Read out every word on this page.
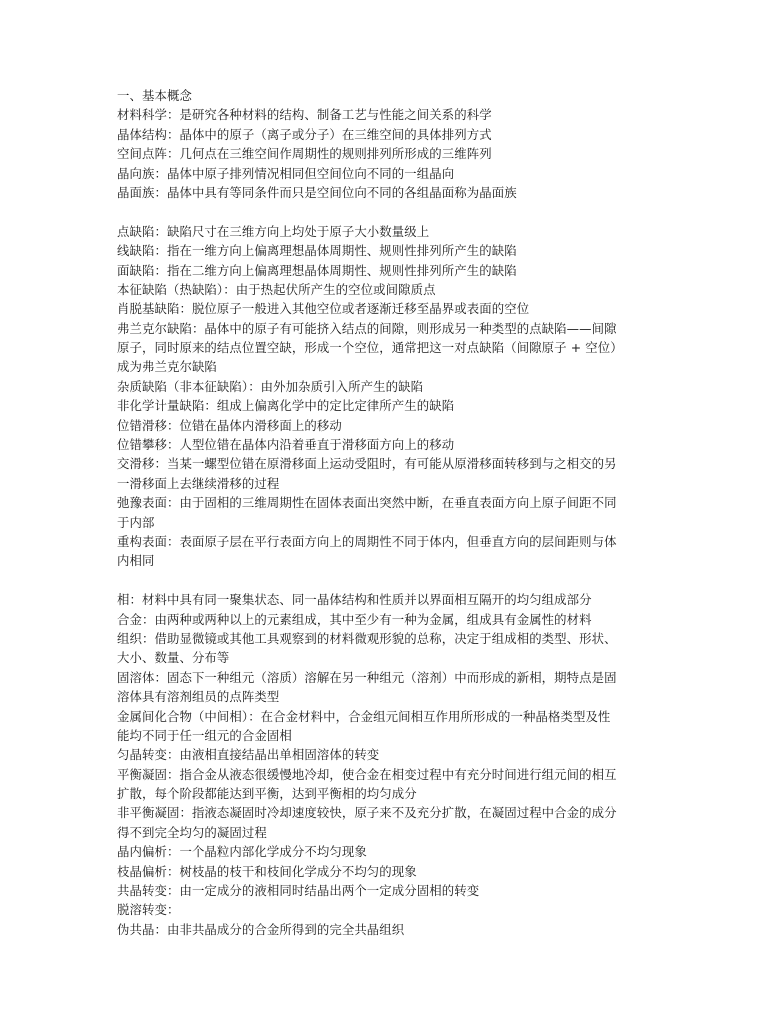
一、基本概念
材料科学：是研究各种材料的结构、制备工艺与性能之间关系的科学
晶体结构：晶体中的原子（离子或分子）在三维空间的具体排列方式
空间点阵：几何点在三维空间作周期性的规则排列所形成的三维阵列
晶向族：晶体中原子排列情况相同但空间位向不同的一组晶向
晶面族：晶体中具有等同条件而只是空间位向不同的各组晶面称为晶面族
点缺陷：缺陷尺寸在三维方向上均处于原子大小数量级上
线缺陷：指在一维方向上偏离理想晶体周期性、规则性排列所产生的缺陷
面缺陷：指在二维方向上偏离理想晶体周期性、规则性排列所产生的缺陷
本征缺陷（热缺陷）：由于热起伏所产生的空位或间隙质点
肖脱基缺陷：脱位原子一般进入其他空位或者逐渐迁移至晶界或表面的空位
弗兰克尔缺陷：晶体中的原子有可能挤入结点的间隙，则形成另一种类型的点缺陷——间隙
原子，同时原来的结点位置空缺，形成一个空位，通常把这一对点缺陷（间隙原子 + 空位）
成为弗兰克尔缺陷
杂质缺陷（非本征缺陷）：由外加杂质引入所产生的缺陷
非化学计量缺陷：组成上偏离化学中的定比定律所产生的缺陷
位错滑移：位错在晶体内滑移面上的移动
位错攀移：人型位错在晶体内沿着垂直于滑移面方向上的移动
交滑移：当某一螺型位错在原滑移面上运动受阻时，有可能从原滑移面转移到与之相交的另
一滑移面上去继续滑移的过程
弛豫表面：由于固相的三维周期性在固体表面出突然中断，在垂直表面方向上原子间距不同
于内部
重构表面：表面原子层在平行表面方向上的周期性不同于体内，但垂直方向的层间距则与体
内相同
相：材料中具有同一聚集状态、同一晶体结构和性质并以界面相互隔开的均匀组成部分
合金：由两种或两种以上的元素组成，其中至少有一种为金属，组成具有金属性的材料
组织：借助显微镜或其他工具观察到的材料微观形貌的总称，决定于组成相的类型、形状、
大小、数量、分布等
固溶体：固态下一种组元（溶质）溶解在另一种组元（溶剂）中而形成的新相，期特点是固
溶体具有溶剂组员的点阵类型
金属间化合物（中间相）：在合金材料中，合金组元间相互作用所形成的一种晶格类型及性
能均不同于任一组元的合金固相
匀晶转变：由液相直接结晶出单相固溶体的转变
平衡凝固：指合金从液态很缓慢地冷却，使合金在相变过程中有充分时间进行组元间的相互
扩散，每个阶段都能达到平衡，达到平衡相的均匀成分
非平衡凝固：指液态凝固时冷却速度较快，原子来不及充分扩散，在凝固过程中合金的成分
得不到完全均匀的凝固过程
晶内偏析：一个晶粒内部化学成分不均匀现象
枝晶偏析：树枝晶的枝干和枝间化学成分不均匀的现象
共晶转变：由一定成分的液相同时结晶出两个一定成分固相的转变
脱溶转变：
伪共晶：由非共晶成分的合金所得到的完全共晶组织
